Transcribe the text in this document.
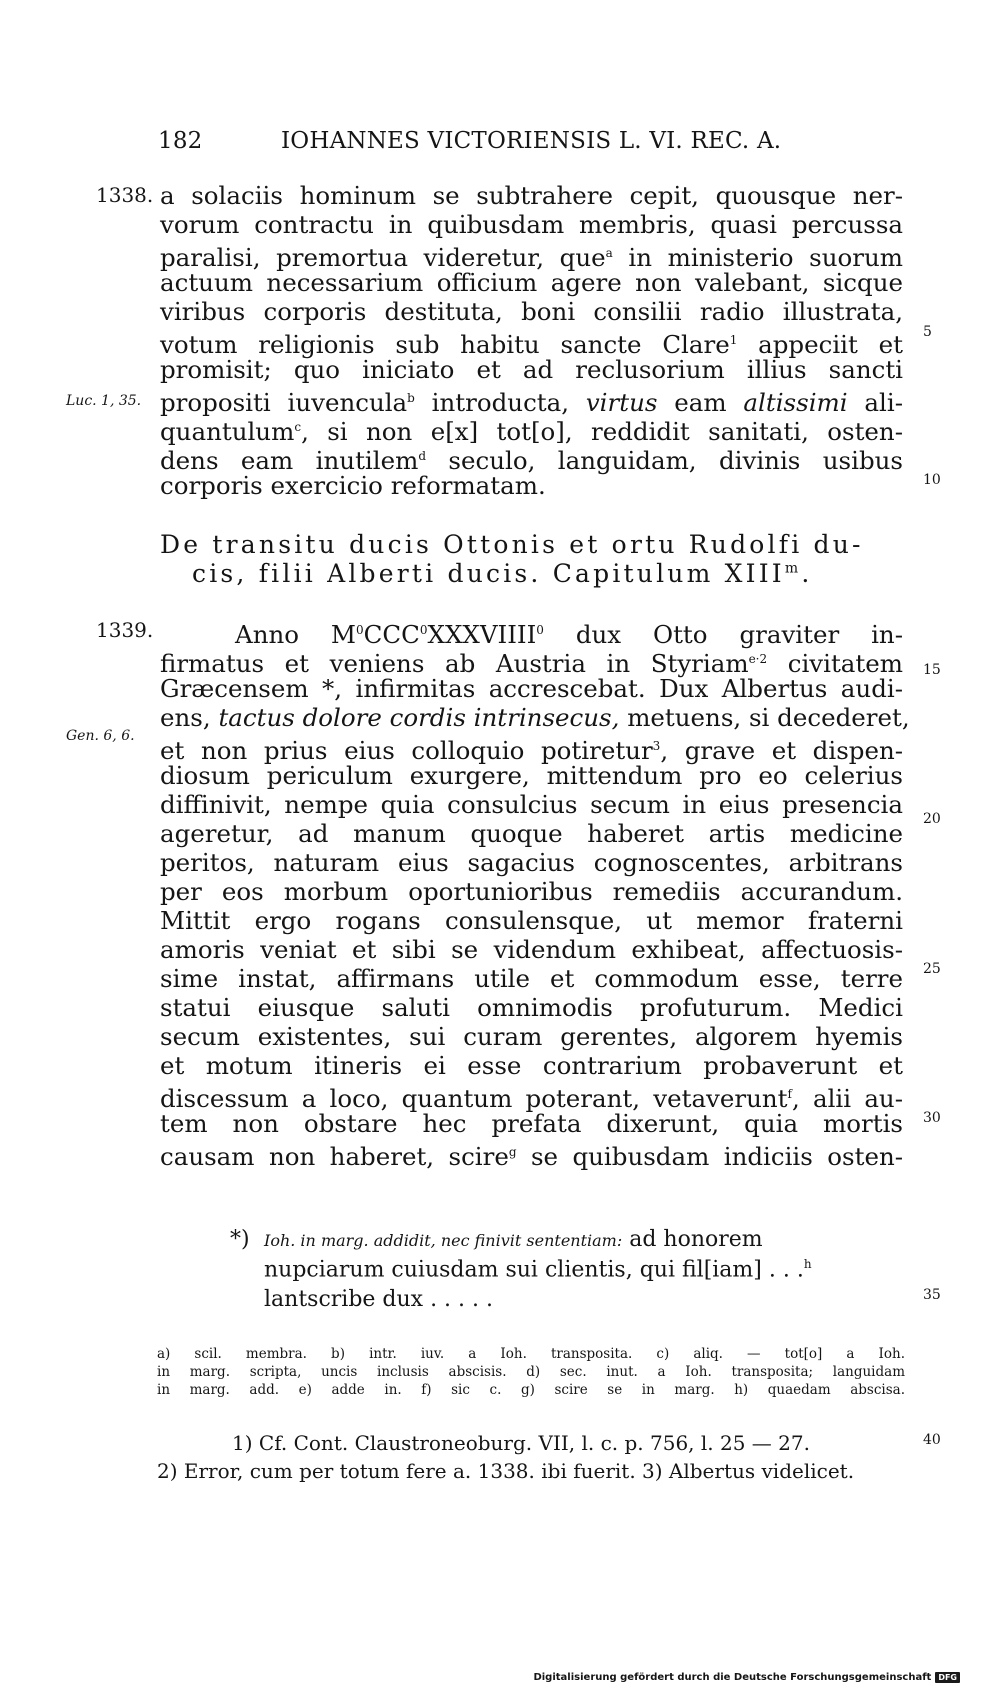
182	IOHANNES VICTORIENSIS L. VI. REC. A.
1338. a solaciis hominum se subtrahere cepit, quousque ner-
vorum contractu in quibusdam membris, quasi percussa
paralisi, premortua videretur, que$^a$ in ministerio suorum
actuum necessarium officium agere non valebant, sicque
viribus corporis destituta, boni consilii radio illustrata,
votum religionis sub habitu sancte Clare$^1$ appeciit et
promisit; quo iniciato et ad reclusorium illius sancti
propositi iuvencula$^b$ introducta, virtus eam altissimi ali-
quantulum$^c$, si non e[x] tot[o], reddidit sanitati, osten-
dens eam inutilem$^d$ seculo, languidam, divinis usibus
corporis exercicio reformatam.
Luc. 1, 35.
De transitu ducis Ottonis et ortu Rudolfi du-
cis, filii Alberti ducis. Capitulum XIII$^m$.
1339.	Anno $M^0CCC^0XXXVIIII^0$ dux Otto graviter in-
firmatus et veniens ab Austria in Styriam$^{e\cdot 2}$ civitatem
Græcensem *, infirmitas accrescebat. Dux Albertus audi-
ens, tactus dolore cordis intrinsecus, metuens, si decederet,
et non prius eius colloquio potiretur$^3$, grave et dispen-
diosum periculum exurgere, mittendum pro eo celerius
diffinivit, nempe quia consulcius secum in eius presencia
ageretur, ad manum quoque haberet artis medicine
peritos, naturam eius sagacius cognoscentes, arbitrans
per eos morbum oportunioribus remediis accurandum.
Mittit ergo rogans consulensque, ut memor fraterni
amoris veniat et sibi se videndum exhibeat, affectuosis-
sime instat, affirmans utile et commodum esse, terre
statui eiusque saluti omnimodis profuturum. Medici
secum existentes, sui curam gerentes, algorem hyemis
et motum itineris ei esse contrarium probaverunt et
discessum a loco, quantum poterant, vetaverunt$^f$, alii au-
tem non obstare hec prefata dixerunt, quia mortis
causam non haberet, scire$^g$ se quibusdam indiciis osten-
Gen. 6, 6.
5
10
15
20
25
30
35
40
*) Ioh. in marg. addidit, nec finivit sententiam: ad honorem
nupciarum cuiusdam sui clientis, qui fil[iam] . . .$^h$
lantscribe dux . . . . .
a) scil. membra. b) intr. iuv. a Ioh. transposita. c) aliq. — tot[o] a Ioh.
in marg. scripta, uncis inclusis abscisis. d) sec. inut. a Ioh. transposita; languidam
in marg. add. e) adde in. f) sic c. g) scire se in marg. h) quaedam abscisa.
1) Cf. Cont. Claustroneoburg. VII, l. c. p. 756, l. 25 — 27.
2) Error, cum per totum fere a. 1338. ibi fuerit. 3) Albertus videlicet.
Digitalisierung gefördert durch die Deutsche Forschungsgemeinschaft DFG
